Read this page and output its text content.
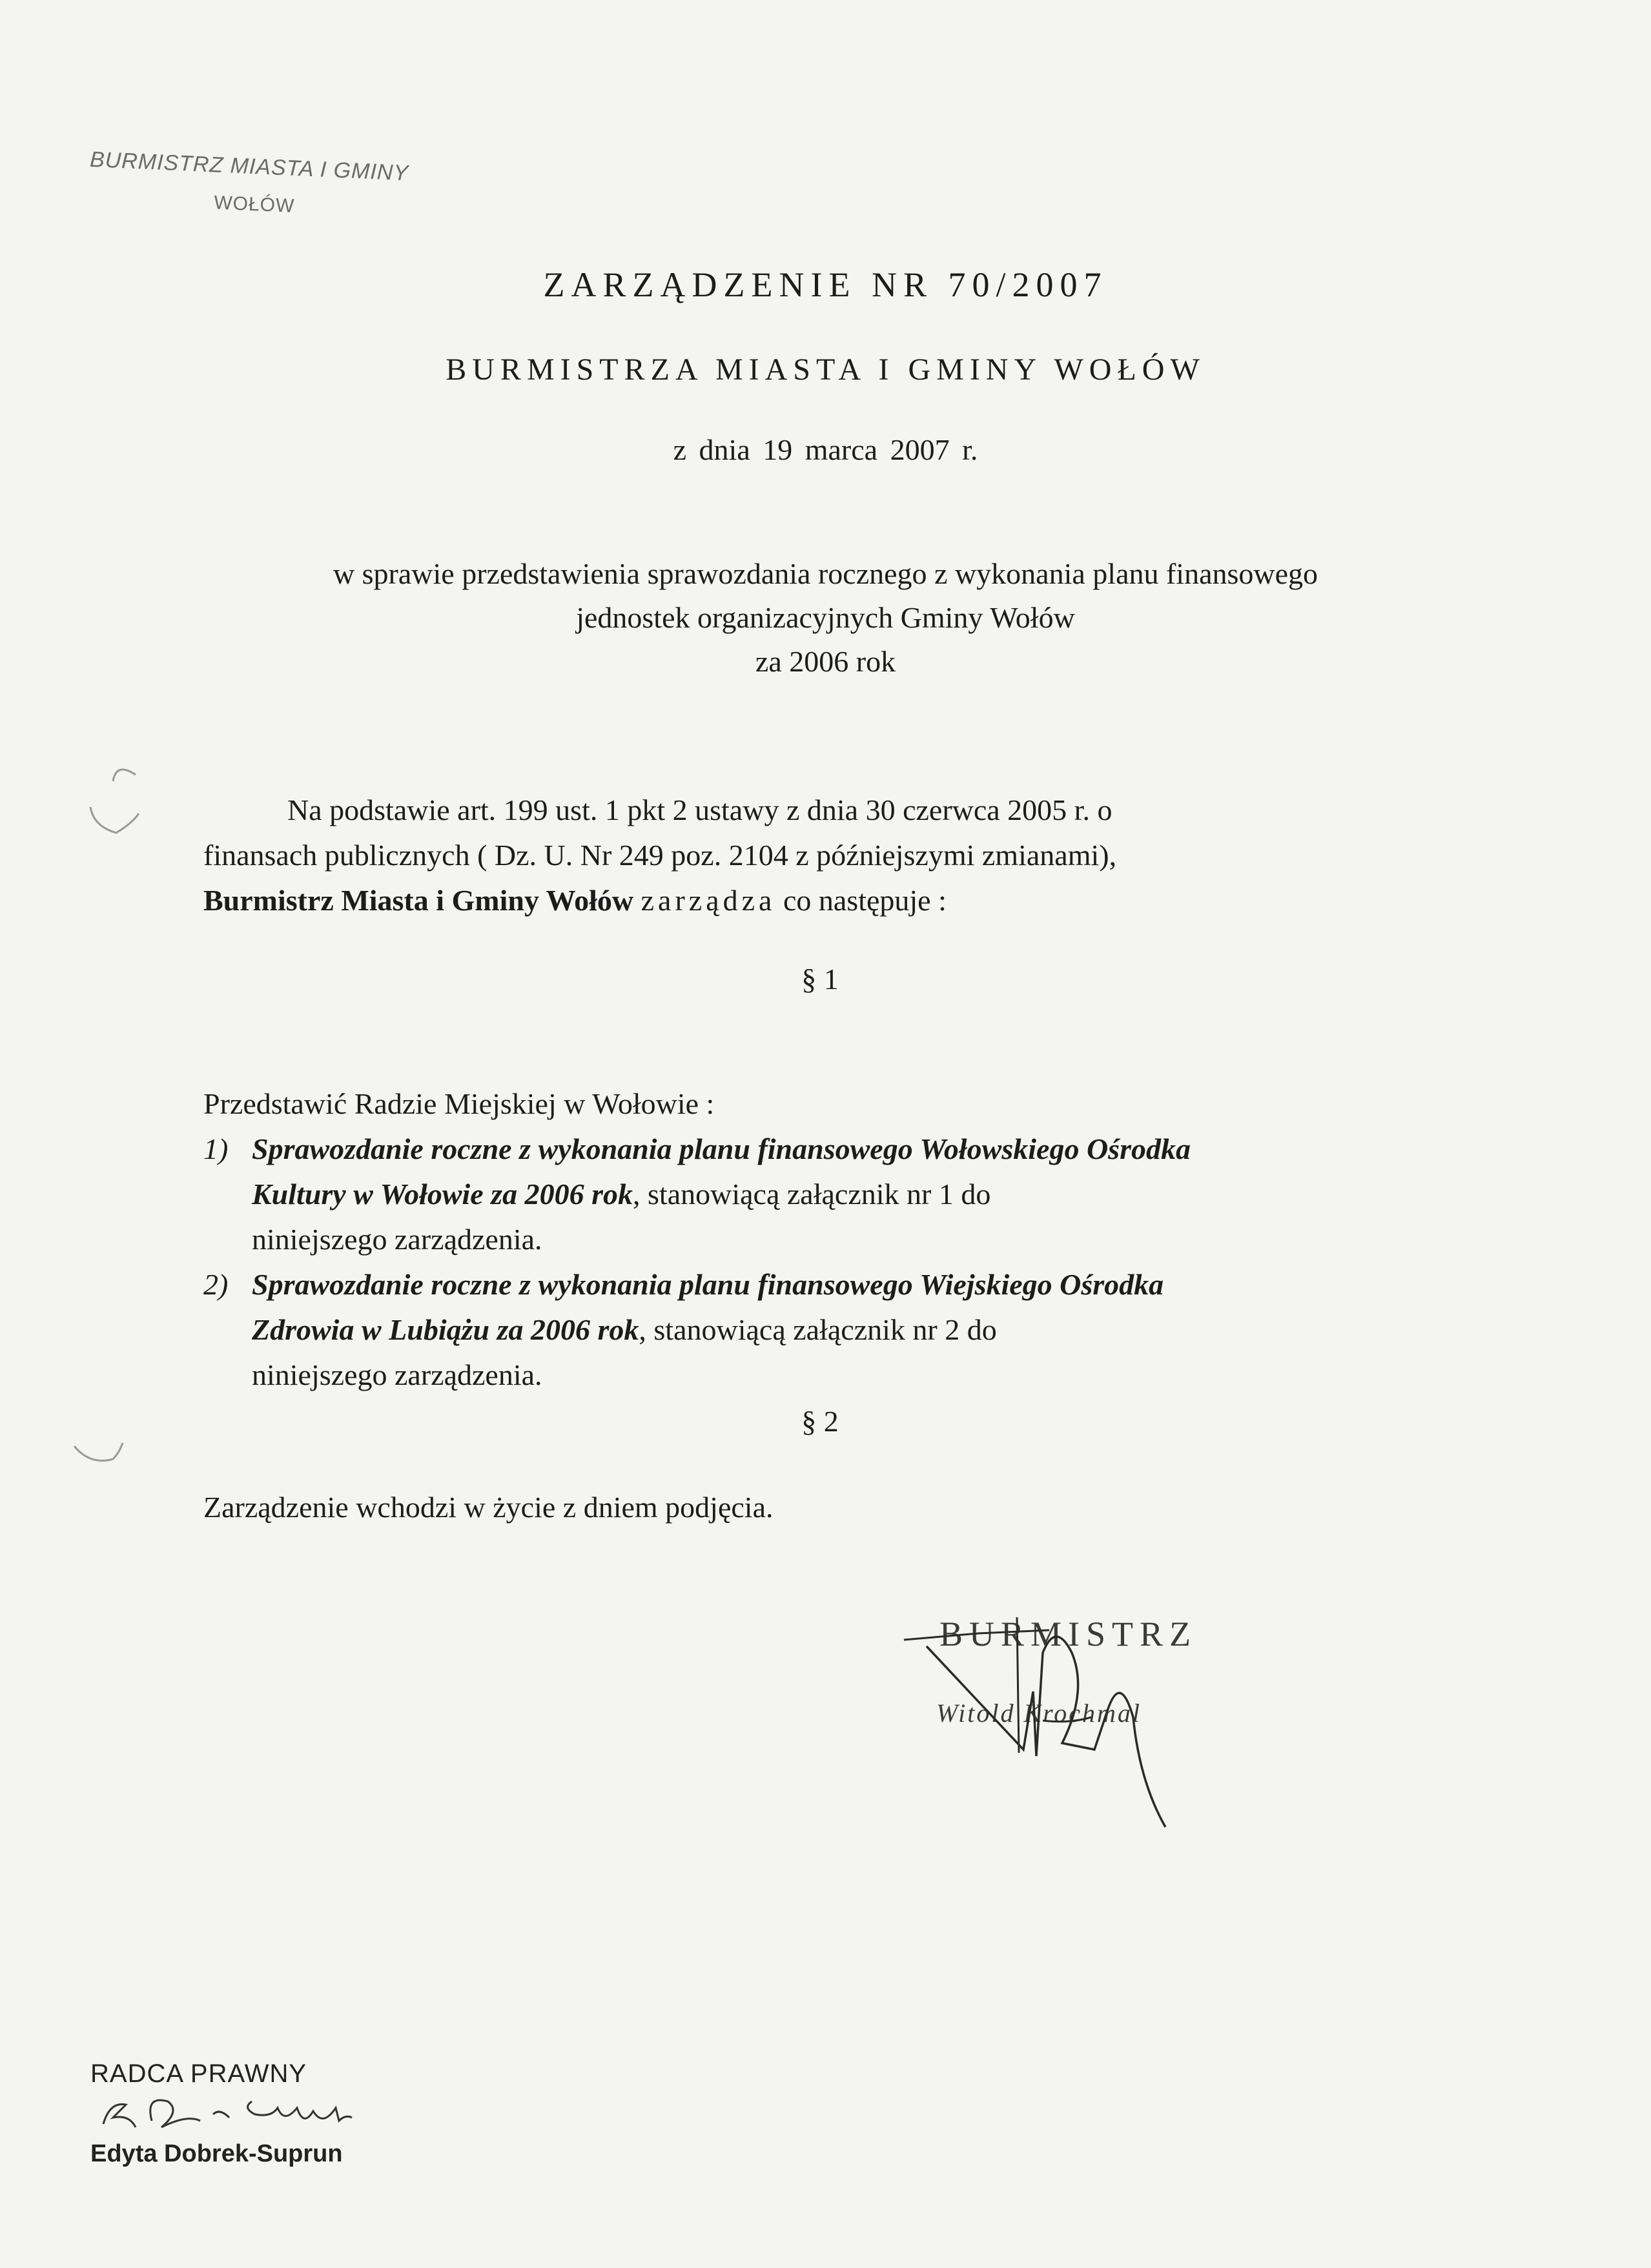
BURMISTRZ MIASTA I GMINY
WOŁÓW
ZARZĄDZENIE NR 70/2007
BURMISTRZA MIASTA I GMINY WOŁÓW
z dnia 19 marca 2007 r.
w sprawie przedstawienia sprawozdania rocznego z wykonania planu finansowego
jednostek organizacyjnych Gminy Wołów
za 2006 rok
Na podstawie art. 199 ust. 1 pkt 2 ustawy z dnia 30 czerwca 2005 r. o
finansach publicznych ( Dz. U. Nr 249 poz. 2104 z późniejszymi zmianami),
Burmistrz Miasta i Gminy Wołów zarządza co następuje :
§ 1
Przedstawić Radzie Miejskiej w Wołowie :
1) Sprawozdanie roczne z wykonania planu finansowego Wołowskiego Ośrodka
Kultury w Wołowie za 2006 rok, stanowiącą załącznik nr 1 do
niniejszego zarządzenia.
2) Sprawozdanie roczne z wykonania planu finansowego Wiejskiego Ośrodka
Zdrowia w Lubiążu za 2006 rok, stanowiącą załącznik nr 2 do
niniejszego zarządzenia.
§ 2
Zarządzenie wchodzi w życie z dniem podjęcia.
BURMISTRZ
Witold Krochmal
RADCA PRAWNY
Edyta Dobrek-Suprun
